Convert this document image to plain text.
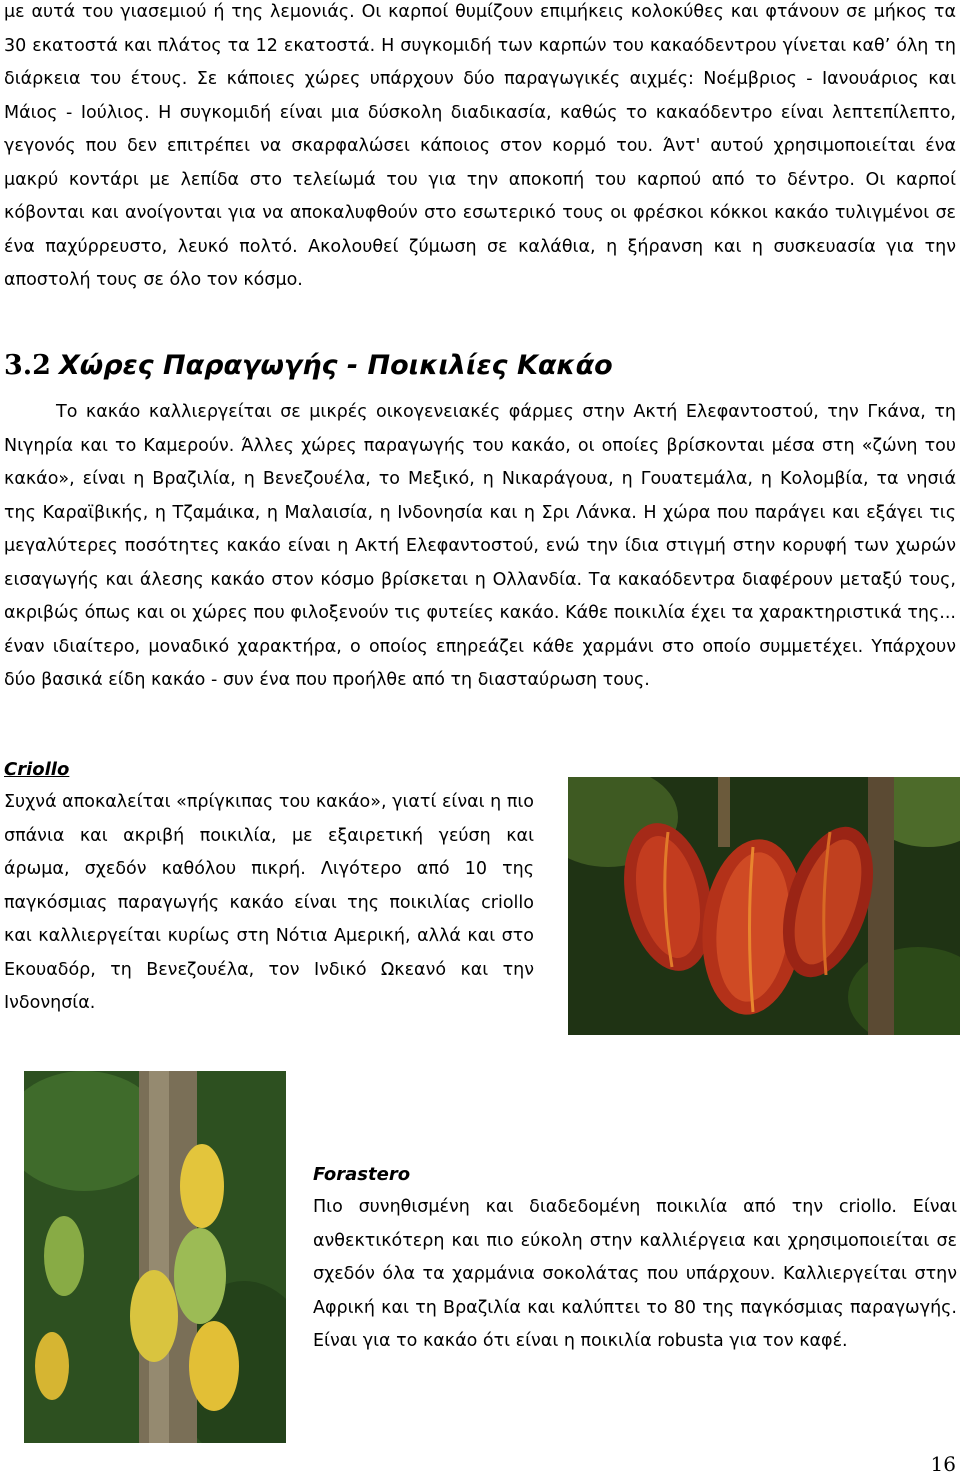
με αυτά του γιασεμιού ή της λεμονιάς. Οι καρποί θυμίζουν επιμήκεις κολοκύθες και φτάνουν σε μήκος τα 30 εκατοστά και πλάτος τα 12 εκατοστά. Η συγκομιδή των καρπών του κακαόδεντρου γίνεται καθ’ όλη τη διάρκεια του έτους. Σε κάποιες χώρες υπάρχουν δύο παραγωγικές αιχμές: Νοέμβριος - Ιανουάριος και Μάιος - Ιούλιος. Η συγκομιδή είναι μια δύσκολη διαδικασία, καθώς το κακαόδεντρο είναι λεπτεπίλεπτο, γεγονός που δεν επιτρέπει να σκαρφαλώσει κάποιος στον κορμό του. Άντ' αυτού χρησιμοποιείται ένα μακρύ κοντάρι με λεπίδα στο τελείωμά του για την αποκοπή του καρπού από το δέντρο. Οι καρποί κόβονται και ανοίγονται για να αποκαλυφθούν στο εσωτερικό τους οι φρέσκοι κόκκοι κακάο τυλιγμένοι σε ένα παχύρρευστο, λευκό πολτό. Ακολουθεί ζύμωση σε καλάθια, η ξήρανση και η συσκευασία για την αποστολή τους σε όλο τον κόσμο.

3.2 Χώρες Παραγωγής - Ποικιλίες Κακάο

Το κακάο καλλιεργείται σε μικρές οικογενειακές φάρμες στην Ακτή Ελεφαντοστού, την Γκάνα, τη Νιγηρία και το Καμερούν. Άλλες χώρες παραγωγής του κακάο, οι οποίες βρίσκονται μέσα στη «ζώνη του κακάο», είναι η Βραζιλία, η Βενεζουέλα, το Μεξικό, η Νικαράγουα, η Γουατεμάλα, η Κολομβία, τα νησιά της Καραϊβικής, η Τζαμάικα, η Μαλαισία, η Ινδονησία και η Σρι Λάνκα. Η χώρα που παράγει και εξάγει τις μεγαλύτερες ποσότητες κακάο είναι η Ακτή Ελεφαντοστού, ενώ την ίδια στιγμή στην κορυφή των χωρών εισαγωγής και άλεσης κακάο στον κόσμο βρίσκεται η Ολλανδία. Τα κακαόδεντρα διαφέρουν μεταξύ τους, ακριβώς όπως και οι χώρες που φιλοξενούν τις φυτείες κακάο. Κάθε ποικιλία έχει τα χαρακτηριστικά της... έναν ιδιαίτερο, μοναδικό χαρακτήρα, ο οποίος επηρεάζει κάθε χαρμάνι στο οποίο συμμετέχει. Υπάρχουν δύο βασικά είδη κακάο - συν ένα που προήλθε από τη διασταύρωση τους.

Criollo

Συχνά αποκαλείται «πρίγκιπας του κακάο», γιατί είναι η πιο σπάνια και ακριβή ποικιλία, με εξαιρετική γεύση και άρωμα, σχεδόν καθόλου πικρή. Λιγότερο από 10 της παγκόσμιας παραγωγής κακάο είναι της ποικιλίας criollo και καλλιεργείται κυρίως στη Νότια Αμερική, αλλά και στο Εκουαδόρ, τη Βενεζουέλα, τον Ινδικό Ωκεανό και την Ινδονησία.

Forastero

Πιο συνηθισμένη και διαδεδομένη ποικιλία από την criollo. Είναι ανθεκτικότερη και πιο εύκολη στην καλλιέργεια και χρησιμοποιείται σε σχεδόν όλα τα χαρμάνια σοκολάτας που υπάρχουν. Καλλιεργείται στην Αφρική και τη Βραζιλία και καλύπτει το 80 της παγκόσμιας παραγωγής. Είναι για το κακάο ότι είναι η ποικιλία robusta για τον καφέ.

16
